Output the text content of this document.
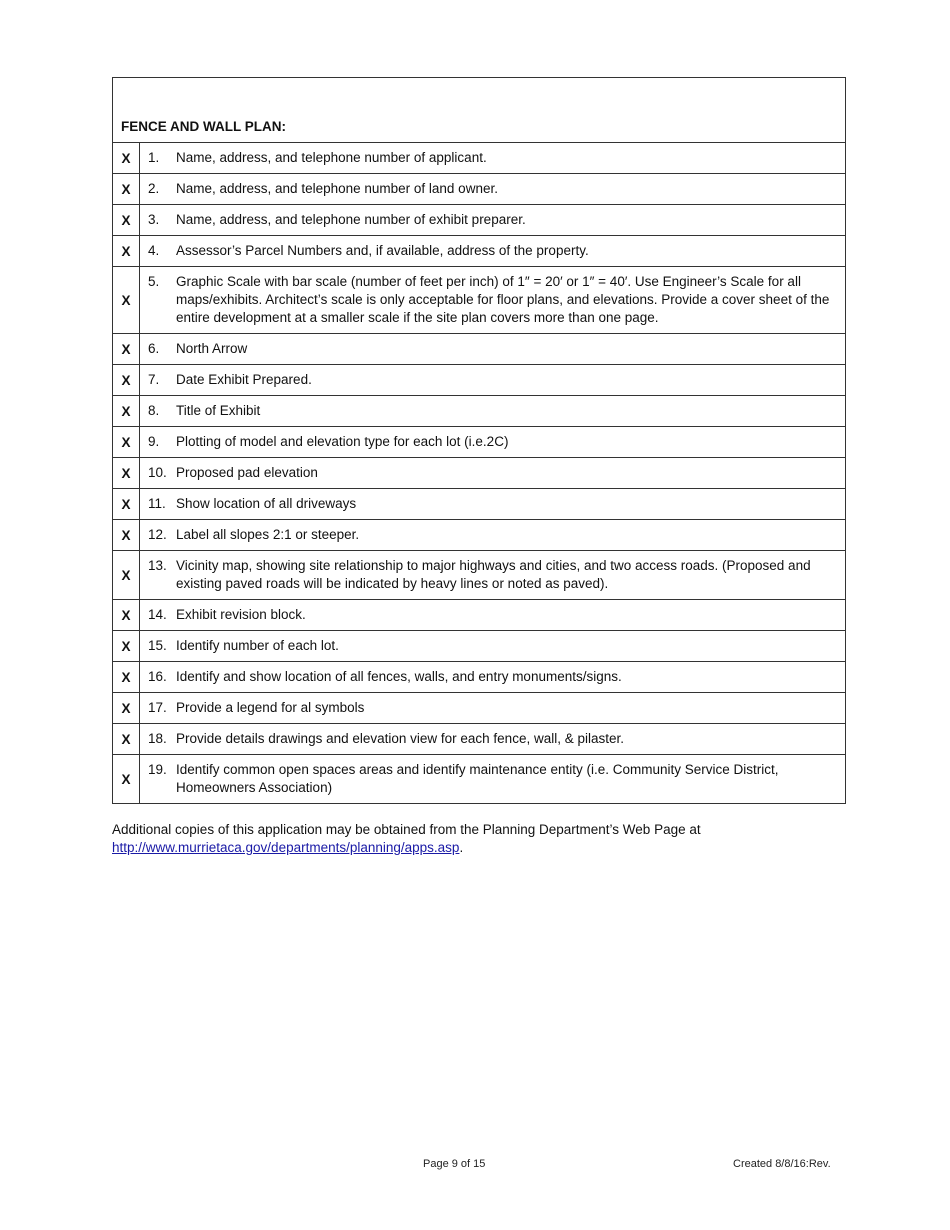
FENCE AND WALL PLAN:	
X	1. Name, address, and telephone number of applicant.

X	2. Name, address, and telephone number of land owner.

X	3. Name, address, and telephone number of exhibit preparer.

X	4. Assessor’s Parcel Numbers and, if available, address of the property.

X	5. Graphic Scale with bar scale (number of feet per inch) of 1″ = 20′ or 1″ = 40′. Use Engineer’s Scale for all maps/exhibits. Architect’s scale is only acceptable for floor plans, and elevations. Provide a cover sheet of the entire development at a smaller scale if the site plan covers more than one page.

X	6. North Arrow

X	7. Date Exhibit Prepared.

X	8. Title of Exhibit

X	9. Plotting of model and elevation type for each lot (i.e.2C)

X	10. Proposed pad elevation

X	11. Show location of all driveways

X	12. Label all slopes 2:1 or steeper.

X	13. Vicinity map, showing site relationship to major highways and cities, and two access roads. (Proposed and existing paved roads will be indicated by heavy lines or noted as paved).

X	14. Exhibit revision block.

X	15. Identify number of each lot.

X	16. Identify and show location of all fences, walls, and entry monuments/signs.

X	17. Provide a legend for al symbols

X	18. Provide details drawings and elevation view for each fence, wall, & pilaster.

X	19. Identify common open spaces areas and identify maintenance entity (i.e. Community Service District, Homeowners Association)
Additional copies of this application may be obtained from the Planning Department’s Web Page at
http://www.murrietaca.gov/departments/planning/apps.asp.
Page 9 of 15	Created 8/8/16:Rev.
